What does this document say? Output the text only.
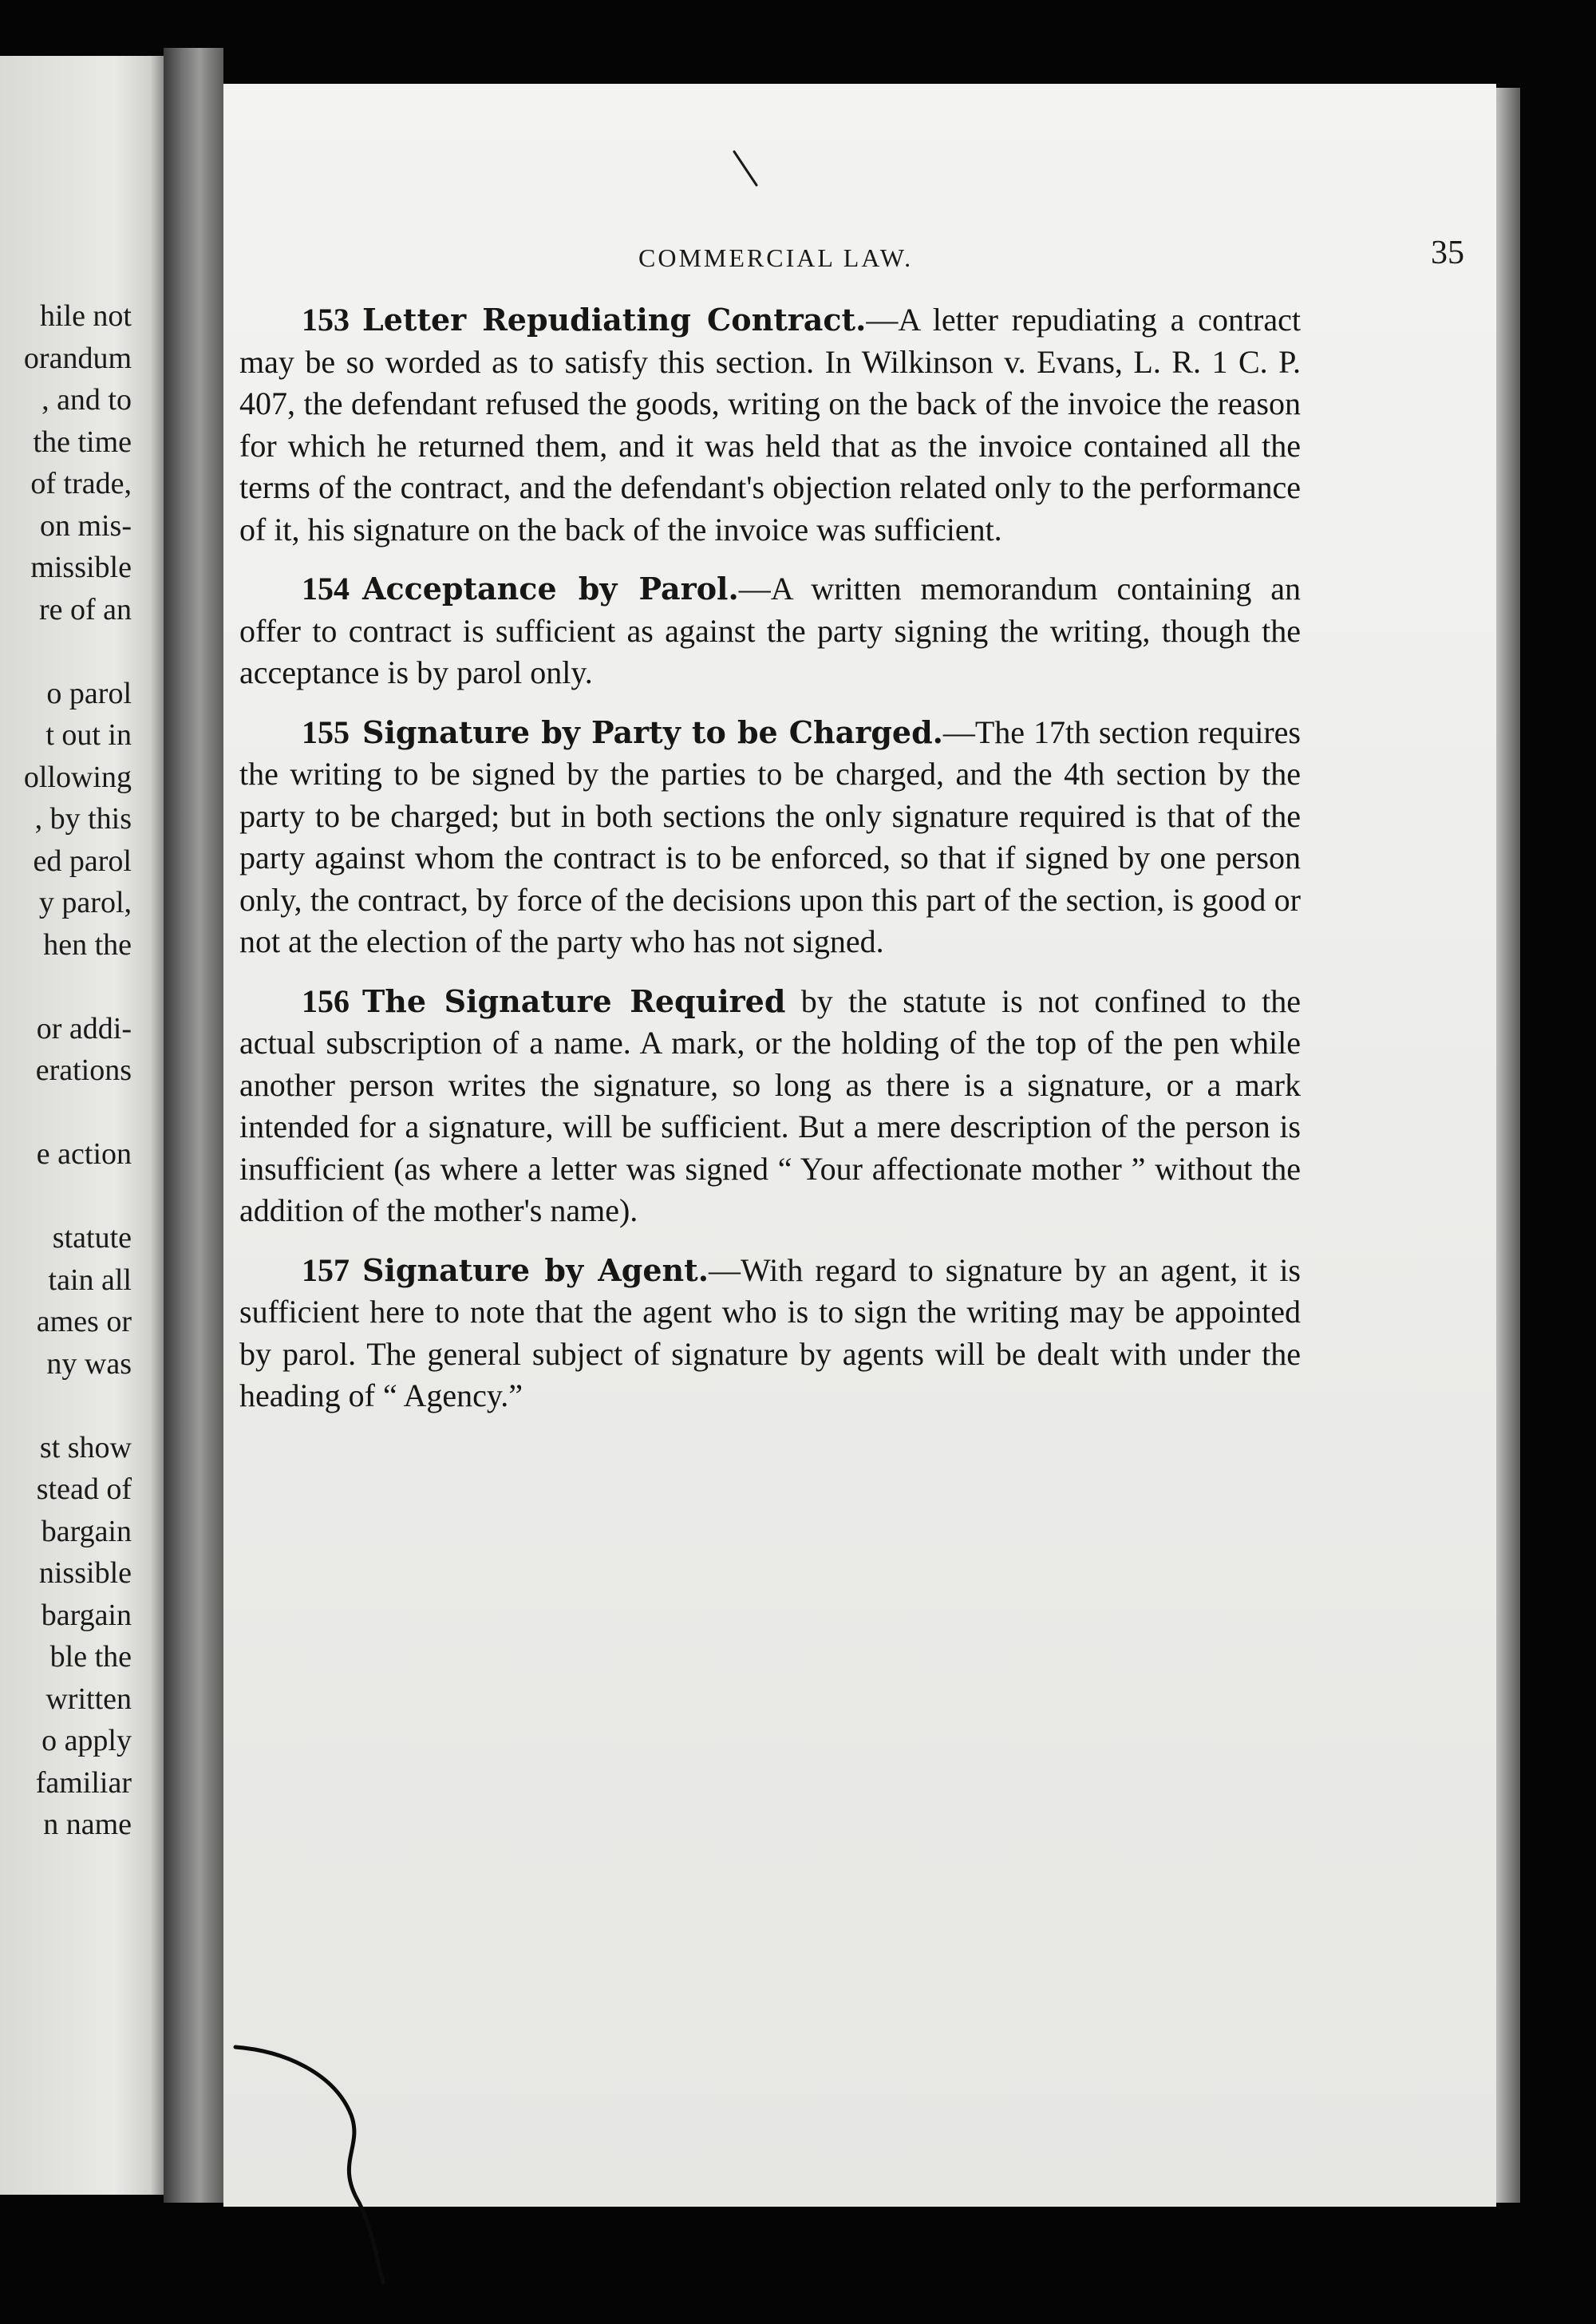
hile not
orandum
, and to
the time
of trade,
on mis-
missible
re of an
o parol
t out in
ollowing
, by this
ed parol
y parol,
hen the
or addi-
erations
e action
statute
tain all
ames or
ny was
st show
stead of
bargain
nissible
bargain
ble the
written
o apply
familiar
n name
COMMERCIAL LAW.	35

153 Letter Repudiating Contract.—A letter repudiating a contract may be so worded as to satisfy this section. In Wilkinson v. Evans, L. R. 1 C. P. 407, the defendant refused the goods, writing on the back of the invoice the reason for which he returned them, and it was held that as the invoice contained all the terms of the contract, and the defendant's objection related only to the performance of it, his signature on the back of the invoice was sufficient.

154 Acceptance by Parol.—A written memorandum containing an offer to contract is sufficient as against the party signing the writing, though the acceptance is by parol only.

155 Signature by Party to be Charged.—The 17th section requires the writing to be signed by the parties to be charged, and the 4th section by the party to be charged; but in both sections the only signature required is that of the party against whom the contract is to be enforced, so that if signed by one person only, the contract, by force of the decisions upon this part of the section, is good or not at the election of the party who has not signed.

156 The Signature Required by the statute is not confined to the actual subscription of a name. A mark, or the holding of the top of the pen while another person writes the signature, so long as there is a signature, or a mark intended for a signature, will be sufficient. But a mere description of the person is insufficient (as where a letter was signed “ Your affectionate mother ” without the addition of the mother's name).

157 Signature by Agent.—With regard to signature by an agent, it is sufficient here to note that the agent who is to sign the writing may be appointed by parol. The general subject of signature by agents will be dealt with under the heading of “ Agency.”
